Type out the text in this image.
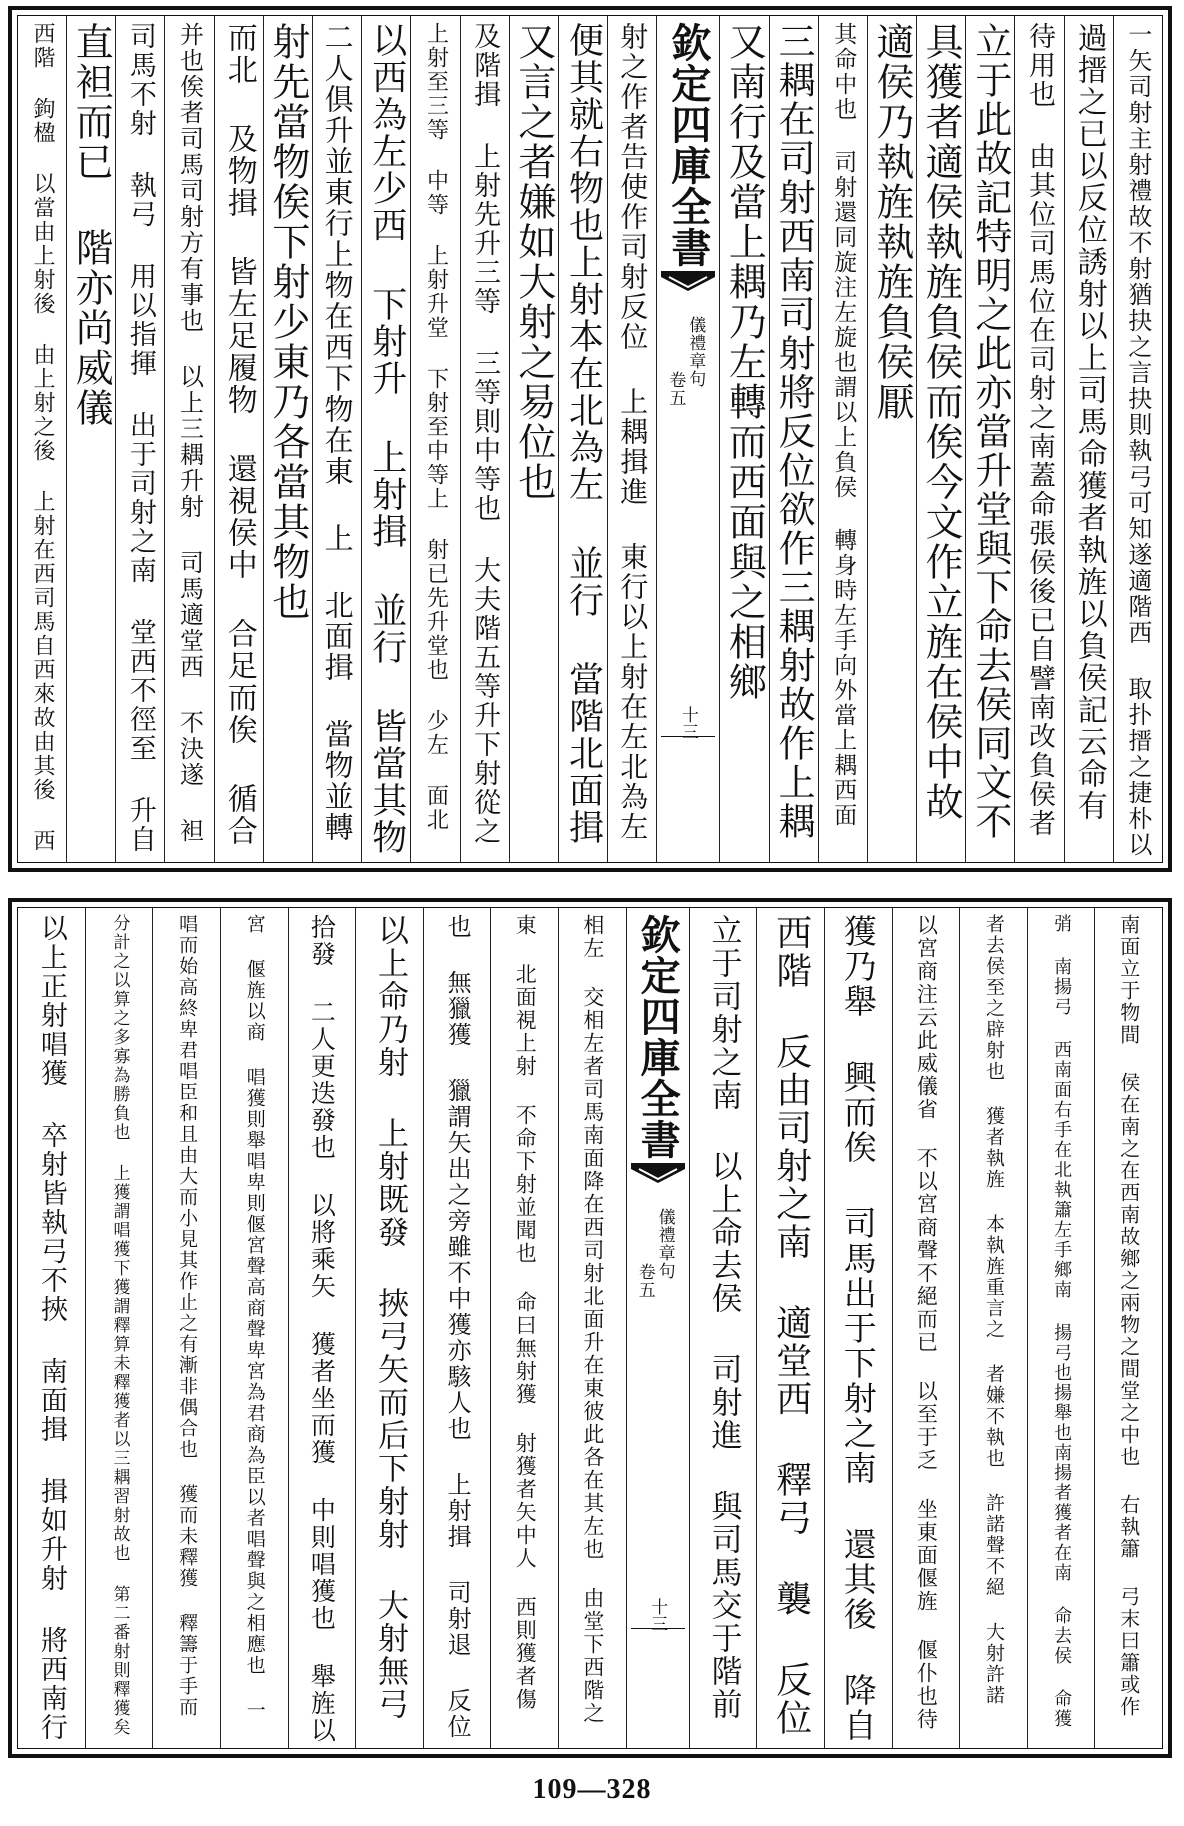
一矢司射主射禮故不射猶抉之言抉則執弓可知遂適階西 取扑搢之捷朴以
過搢之已以反位誘射以上司馬命獲者執旌以負侯記云命有
待用也 由其位司馬位在司射之南蓋命張侯後已自譬南改負侯者
立于此故記特明之此亦當升堂與下命去侯同文不
具獲者適侯執旌負侯而俟今文作立旌在侯中故
適侯乃執旌執旌負侯厭
其命中也 司射還同旋注左旋也謂以上負侯 轉身時左手向外當上耦西面
三耦在司射西南司射將反位欲作三耦射故作上耦
又南行及當上耦乃左轉而西面與之相鄉
欽定四庫全書
儀禮章句
卷五
十三
射之作者告使作司射反位 上耦揖進 東行以上射在左北為左
便其就右物也上射本在北為左 並行 當階北面揖
又言之者嫌如大射之易位也
及階揖 上射先升三等 三等則中等也 大夫階五等升下射從之
上射至三等 中等 上射升堂 下射至中等上 射已先升堂也 少左 面北
以西為左少西 下射升 上射揖 並行 皆當其物
二人俱升並東行上物在西下物在東 上 北面揖 當物並轉
射先當物俟下射少東乃各當其物也
而北 及物揖 皆左足履物 還視侯中 合足而俟 循合
并也俟者司馬司射方有事也 以上三耦升射 司馬適堂西 不決遂 袒
司馬不射 執弓 用以指揮 出于司射之南 堂西不徑至 升自
直袒而已 階亦尚威儀
西階 鉤楹 以當由上射後 由上射之後 上射在西司馬自西來故由其後 西
南面立于物間 侯在南之在西南故鄉之兩物之間堂之中也 右執簫 弓末曰簫或作
弰 南揚弓 西南面右手在北執簫左手鄉南 揚弓也揚舉也南揚者獲者在南 命去侯 命獲
者去侯至之辟射也 獲者執旌 本執旌重言之 者嫌不執也 許諾聲不絕 大射許諾
以宮商注云此威儀省 不以宮商聲不絕而已 以至于乏 坐東面偃旌 偃仆也待
獲乃舉 興而俟 司馬出于下射之南 還其後 降自
西階 反由司射之南 適堂西 釋弓 襲 反位
立于司射之南 以上命去侯 司射進 與司馬交于階前
欽定四庫全書
儀禮章句
卷五
十三
相左 交相左者司馬南面降在西司射北面升在東彼此各在其左也 由堂下西階之
東 北面視上射 不命下射並聞也 命曰無射獲 射獲者矢中人 西則獲者傷
也 無獵獲 獵謂矢出之旁雖不中獲亦駭人也 上射揖 司射退 反位
以上命乃射 上射既發 挾弓矢而后下射射 大射無弓
拾發 二人更迭發也 以將乘矢 獲者坐而獲 中則唱獲也 舉旌以
宮 偃旌以商 唱獲則舉唱卑則偃宮聲高商聲卑宮為君商為臣以者唱聲與之相應也 一
唱而始高終卑君唱臣和且由大而小見其作止之有漸非偶合也 獲而未釋獲 釋籌于手而
分計之以算之多寡為勝負也 上獲謂唱獲下獲謂釋算未釋獲者以三耦習射故也 第二番射則釋獲矣
以上正射唱獲 卒射皆執弓不挾 南面揖 揖如升射 將西南行
109—328
